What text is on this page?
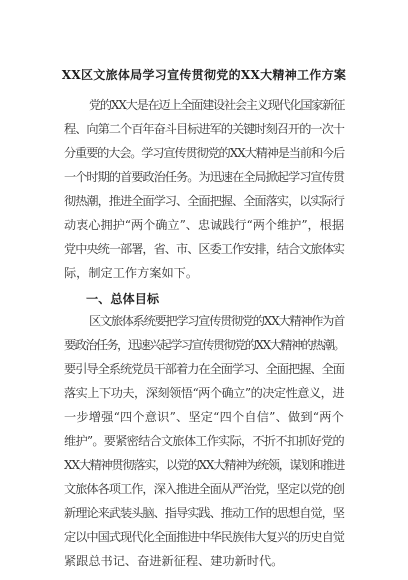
XX区文旅体局学习宣传贯彻党的XX大精神工作方案
党的XX大是在迈上全面建设社会主义现代化国家新征
程、向第二个百年奋斗目标进军的关键时刻召开的一次十
分重要的大会。学习宣传贯彻党的XX大精神是当前和今后
一个时期的首要政治任务。为迅速在全局掀起学习宣传贯
彻热潮，推进全面学习、全面把握、全面落实，以实际行
动衷心拥护“两个确立”、忠诚践行“两个维护”，根据
党中央统一部署，省、市、区委工作安排，结合文旅体实
际，制定工作方案如下。
一、总体目标
区文旅体系统要把学习宣传贯彻党的XX大精神作为首
要政治任务，迅速兴起学习宣传贯彻党的XX大精神的热潮。
要引导全系统党员干部着力在全面学习、全面把握、全面
落实上下功夫，深刻领悟“两个确立”的决定性意义，进
一步增强“四个意识”、坚定“四个自信”、做到“两个
维护”。要紧密结合文旅体工作实际，不折不扣抓好党的
XX大精神贯彻落实，以党的XX大精神为统领，谋划和推进
文旅体各项工作，深入推进全面从严治党，坚定以党的创
新理论来武装头脑、指导实践、推动工作的思想自觉，坚
定以中国式现代化全面推进中华民族伟大复兴的历史自觉
紧跟总书记、奋进新征程、建功新时代。
